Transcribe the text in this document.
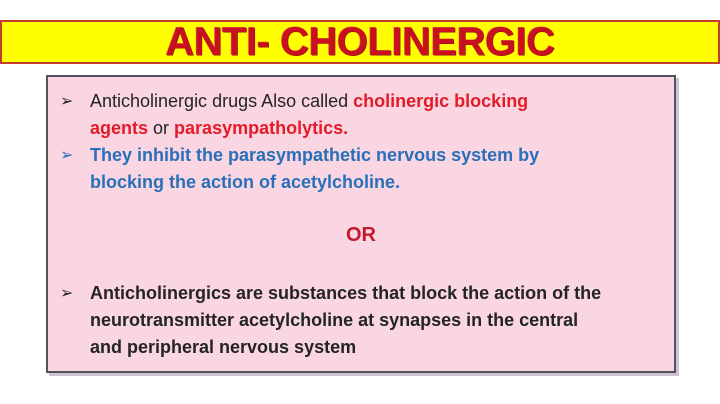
ANTI- CHOLINERGIC
➢ Anticholinergic drugs Also called cholinergic blocking
agents or parasympatholytics.
➢ They inhibit the parasympathetic nervous system by
blocking the action of acetylcholine.
OR
➢ Anticholinergics are substances that block the action of the
neurotransmitter acetylcholine at synapses in the central
and peripheral nervous system
